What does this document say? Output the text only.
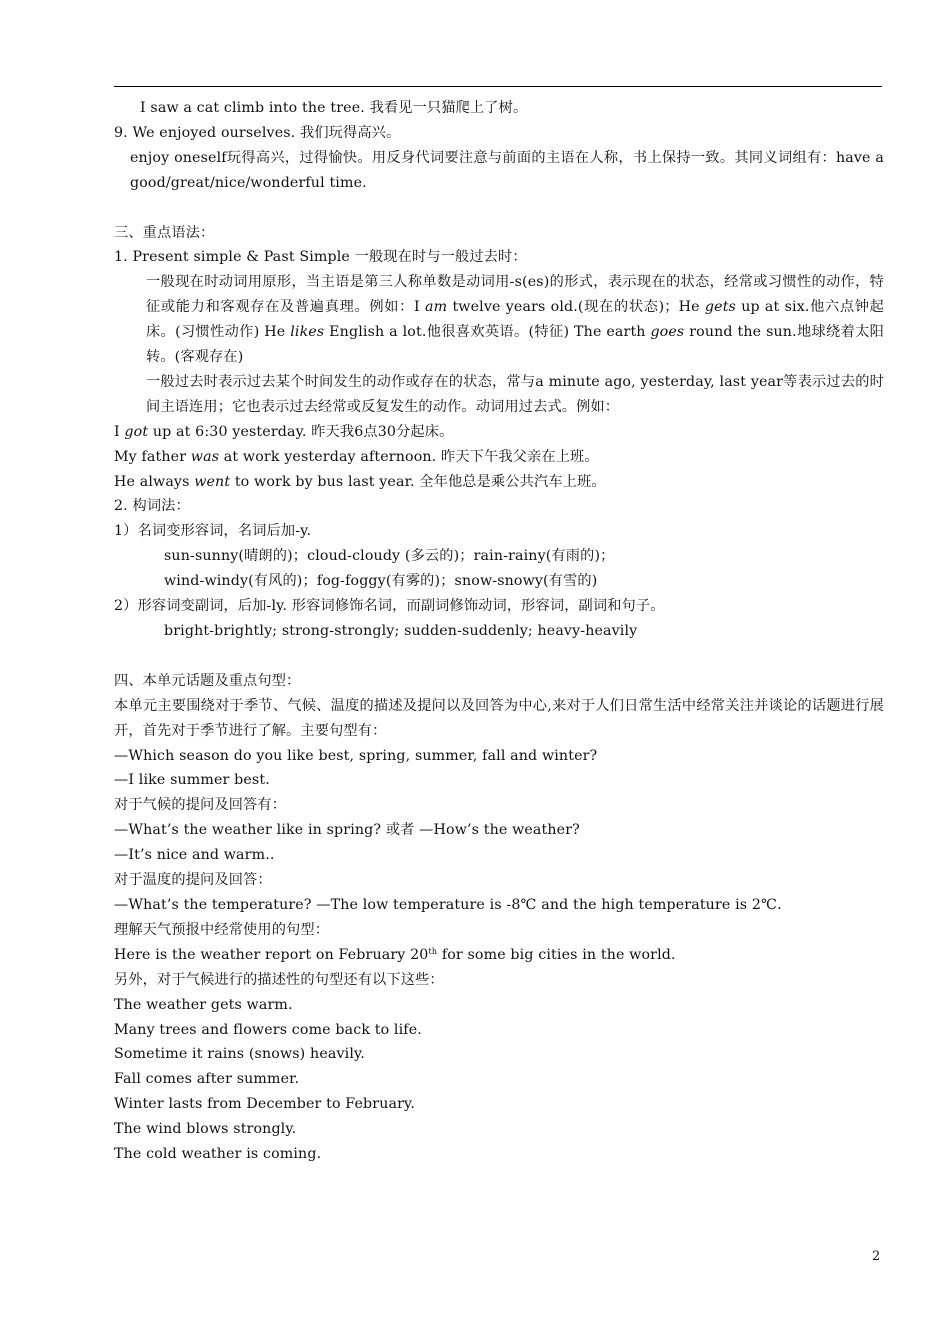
I saw a cat climb into the tree. 我看见一只猫爬上了树。
9. We enjoyed ourselves. 我们玩得高兴。
enjoy oneself玩得高兴，过得愉快。用反身代词要注意与前面的主语在人称，书上保持一致。其同义词组有：have a good/great/nice/wonderful time.
三、重点语法：
1. Present simple & Past Simple 一般现在时与一般过去时：
一般现在时动词用原形，当主语是第三人称单数是动词用-s(es)的形式，表示现在的状态，经常或习惯性的动作，特征或能力和客观存在及普遍真理。例如：I am twelve years old.(现在的状态)；He gets up at six.他六点钟起床。(习惯性动作) He likes English a lot.他很喜欢英语。(特征) The earth goes round the sun.地球绕着太阳转。(客观存在)
一般过去时表示过去某个时间发生的动作或存在的状态，常与a minute ago, yesterday, last year等表示过去的时间主语连用；它也表示过去经常或反复发生的动作。动词用过去式。例如：
I got up at 6:30 yesterday. 昨天我6点30分起床。
My father was at work yesterday afternoon. 昨天下午我父亲在上班。
He always went to work by bus last year. 全年他总是乘公共汽车上班。
2. 构词法：
1）名词变形容词，名词后加-y.
sun-sunny(晴朗的)；cloud-cloudy (多云的)；rain-rainy(有雨的)；
wind-windy(有风的)；fog-foggy(有雾的)；snow-snowy(有雪的)
2）形容词变副词，后加-ly. 形容词修饰名词，而副词修饰动词，形容词，副词和句子。
bright-brightly; strong-strongly; sudden-suddenly; heavy-heavily
四、本单元话题及重点句型：
本单元主要围绕对于季节、气候、温度的描述及提问以及回答为中心,来对于人们日常生活中经常关注并谈论的话题进行展开，首先对于季节进行了解。主要句型有：
—Which season do you like best, spring, summer, fall and winter?
—I like summer best.
对于气候的提问及回答有：
—What’s the weather like in spring? 或者 —How’s the weather?
—It’s nice and warm..
对于温度的提问及回答：
—What’s the temperature? —The low temperature is -8℃ and the high temperature is 2℃.
理解天气预报中经常使用的句型：
Here is the weather report on February 20th for some big cities in the world.
另外，对于气候进行的描述性的句型还有以下这些：
The weather gets warm.
Many trees and flowers come back to life.
Sometime it rains (snows) heavily.
Fall comes after summer.
Winter lasts from December to February.
The wind blows strongly.
The cold weather is coming.
2
